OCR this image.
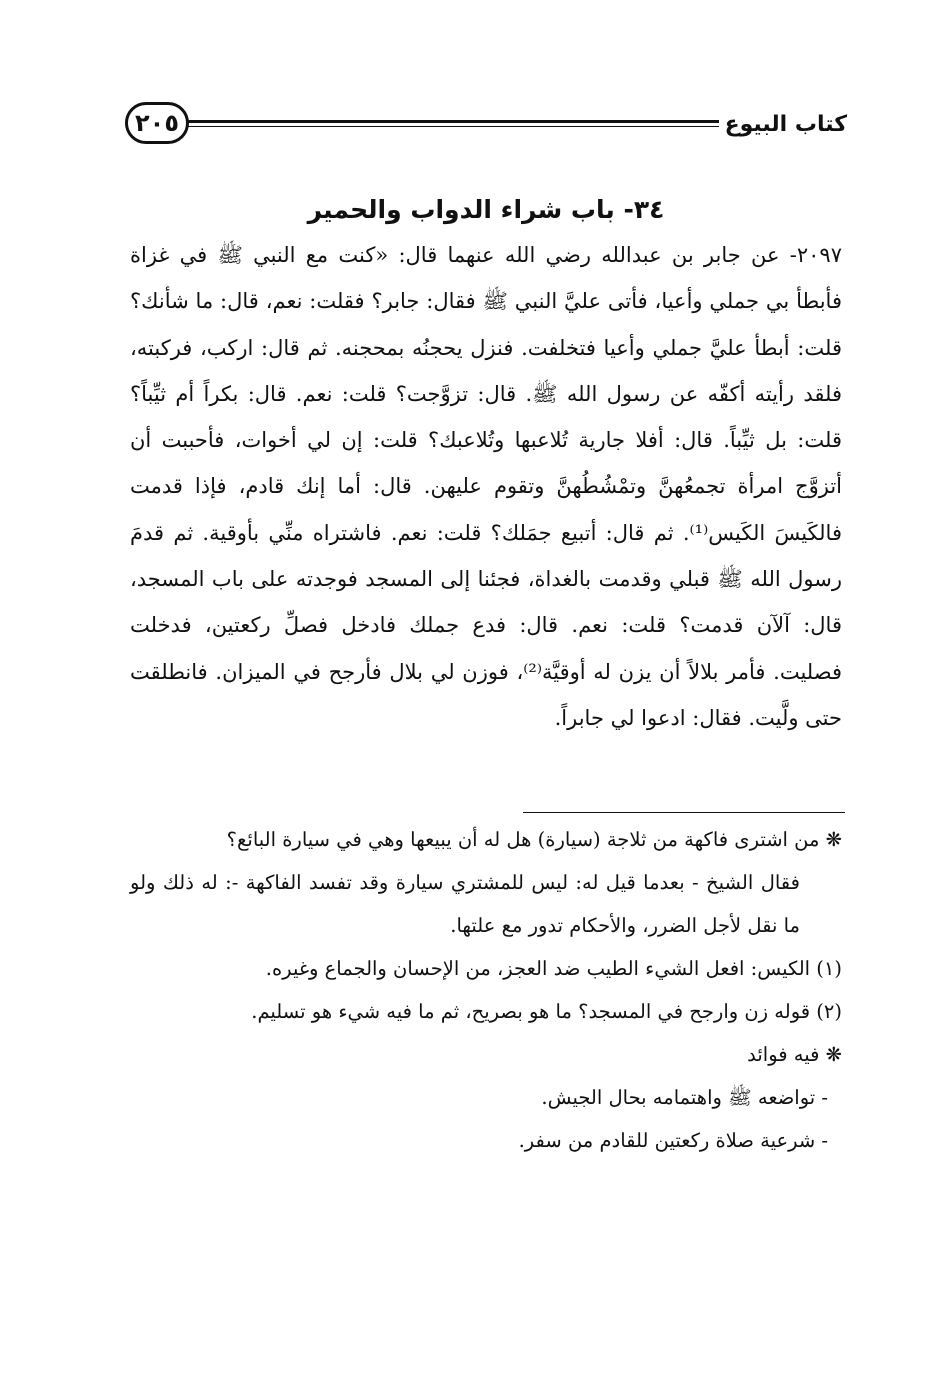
كتاب البيوع
٢٠٥
٣٤- باب شراء الدواب والحمير

٢٠٩٧- عن جابر بن عبدالله رضي الله عنهما قال: «كنت مع النبي ﷺ في غزاة فأبطأ بي جملي وأعيا، فأتى عليَّ النبي ﷺ فقال: جابر؟ فقلت: نعم، قال: ما شأنك؟ قلت: أبطأ عليَّ جملي وأعيا فتخلفت. فنزل يحجنُه بمحجنه. ثم قال: اركب، فركبته، فلقد رأيته أكفّه عن رسول الله ﷺ. قال: تزوَّجت؟ قلت: نعم. قال: بكراً أم ثيِّباً؟ قلت: بل ثيِّباً. قال: أفلا جارية تُلاعبها وتُلاعبك؟ قلت: إن لي أخوات، فأحببت أن أتزوَّج امرأة تجمعُهنَّ وتمْشُطُهنَّ وتقوم عليهن. قال: أما إنك قادم، فإذا قدمت فالكَيسَ الكَيس⁽¹⁾. ثم قال: أتبيع جمَلك؟ قلت: نعم. فاشتراه منِّي بأوقية. ثم قدمَ رسول الله ﷺ قبلي وقدمت بالغداة، فجئنا إلى المسجد فوجدته على باب المسجد، قال: آلآن قدمت؟ قلت: نعم. قال: فدع جملك فادخل فصلِّ ركعتين، فدخلت فصليت. فأمر بلالاً أن يزن له أوقيَّة⁽²⁾، فوزن لي بلال فأرجح في الميزان. فانطلقت حتى ولَّيت. فقال: ادعوا لي جابراً.

❋ من اشترى فاكهة من ثلاجة (سيارة) هل له أن يبيعها وهي في سيارة البائع؟

فقال الشيخ - بعدما قيل له: ليس للمشتري سيارة وقد تفسد الفاكهة -: له ذلك ولو ما نقل لأجل الضرر، والأحكام تدور مع علتها.

(١) الكيس: افعل الشيء الطيب ضد العجز، من الإحسان والجماع وغيره.

(٢) قوله زن وارجح في المسجد؟ ما هو بصريح، ثم ما فيه شيء هو تسليم.

❋ فيه فوائد

- تواضعه ﷺ واهتمامه بحال الجيش.

- شرعية صلاة ركعتين للقادم من سفر.
